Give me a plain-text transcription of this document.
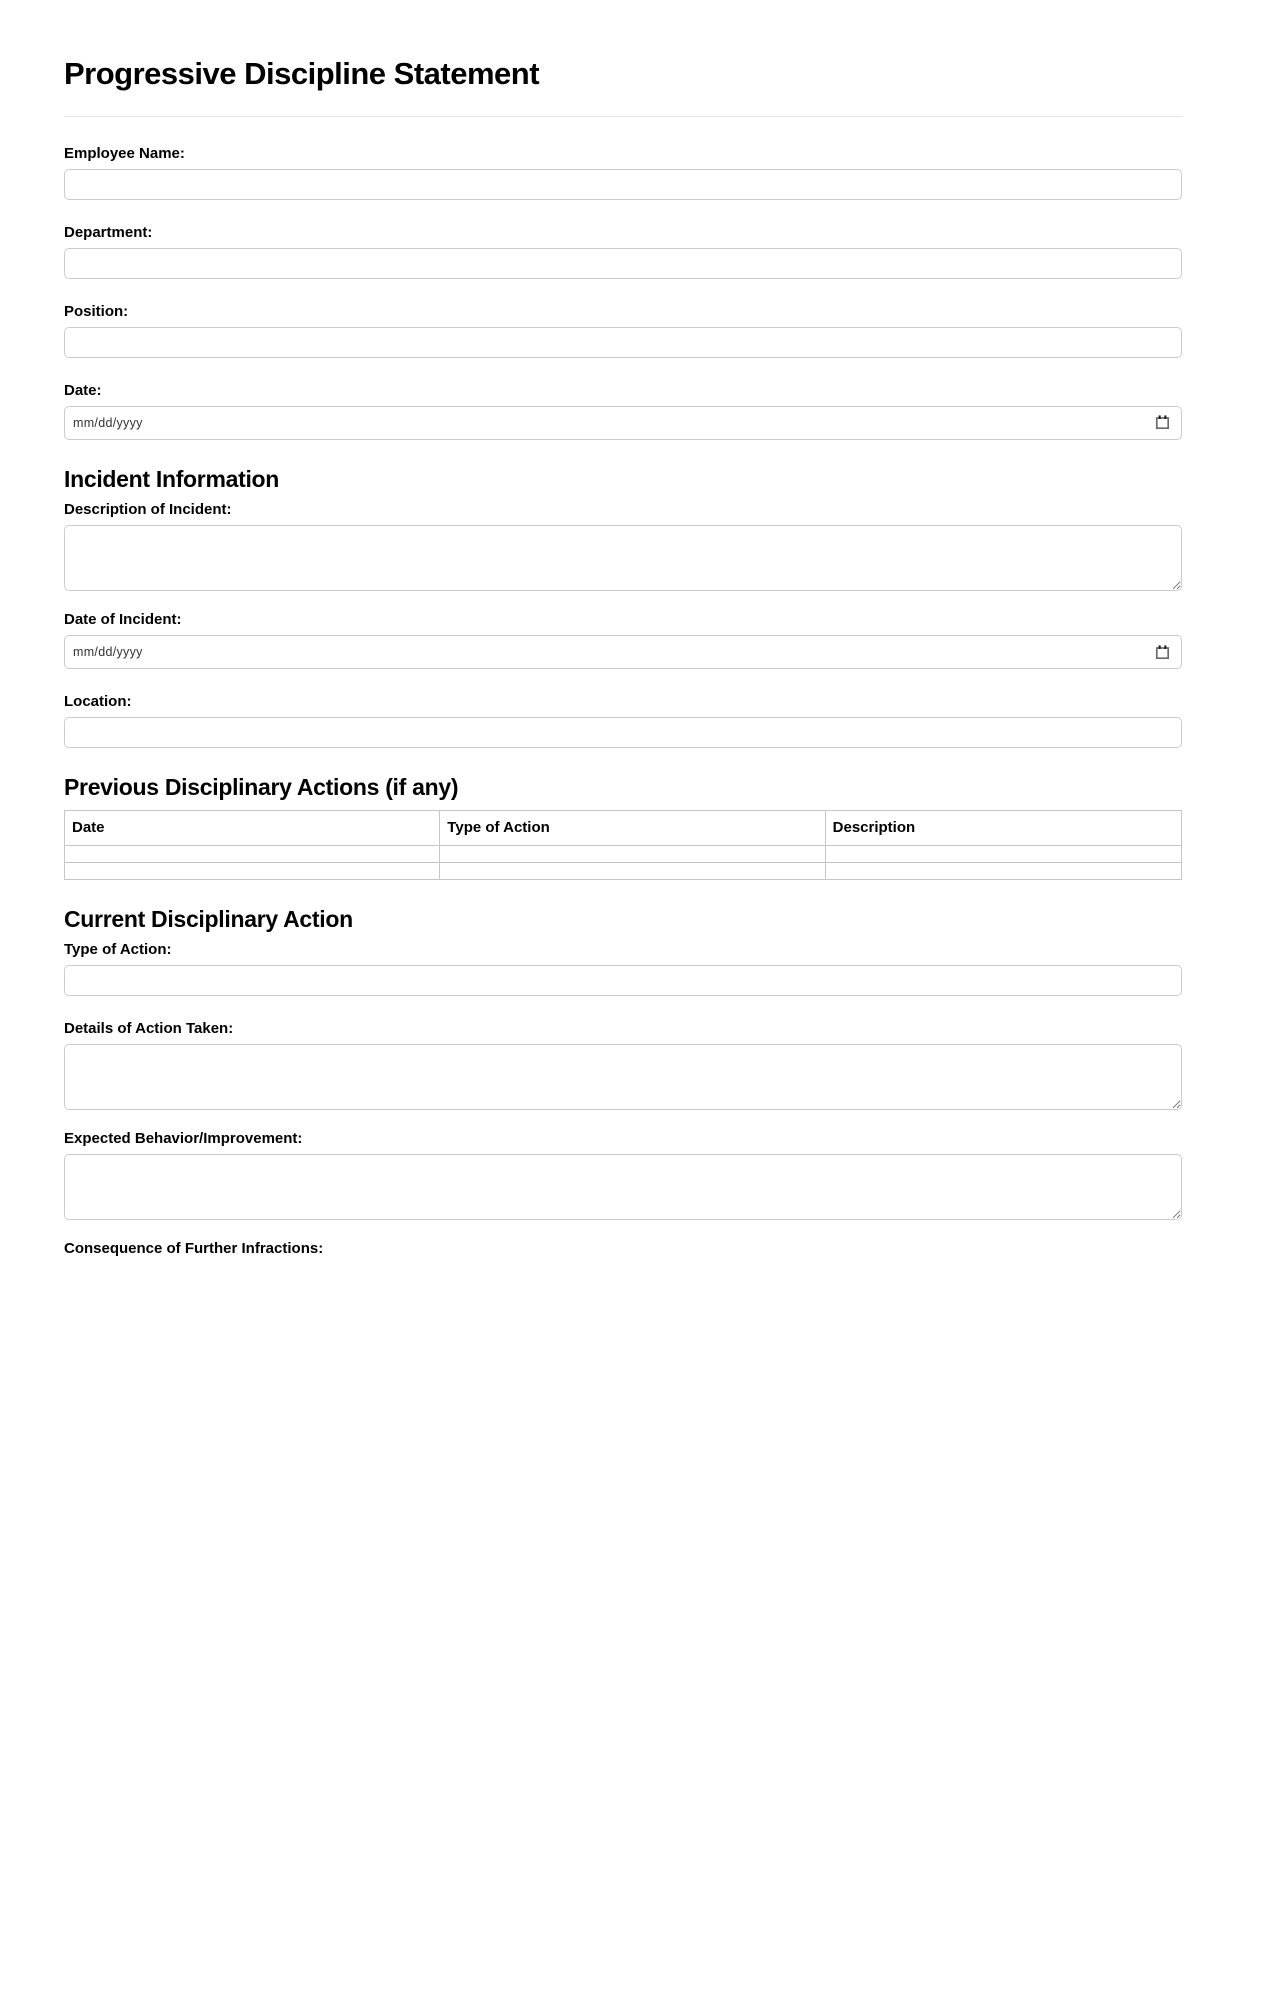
Progressive Discipline Statement
Employee Name:
Department:
Position:
Date:
mm/dd/yyyy
Incident Information
Description of Incident:
Date of Incident:
mm/dd/yyyy
Location:
Previous Disciplinary Actions (if any)
Date	Type of Action	Description

Current Disciplinary Action
Type of Action:
Details of Action Taken:
Expected Behavior/Improvement:
Consequence of Further Infractions:
